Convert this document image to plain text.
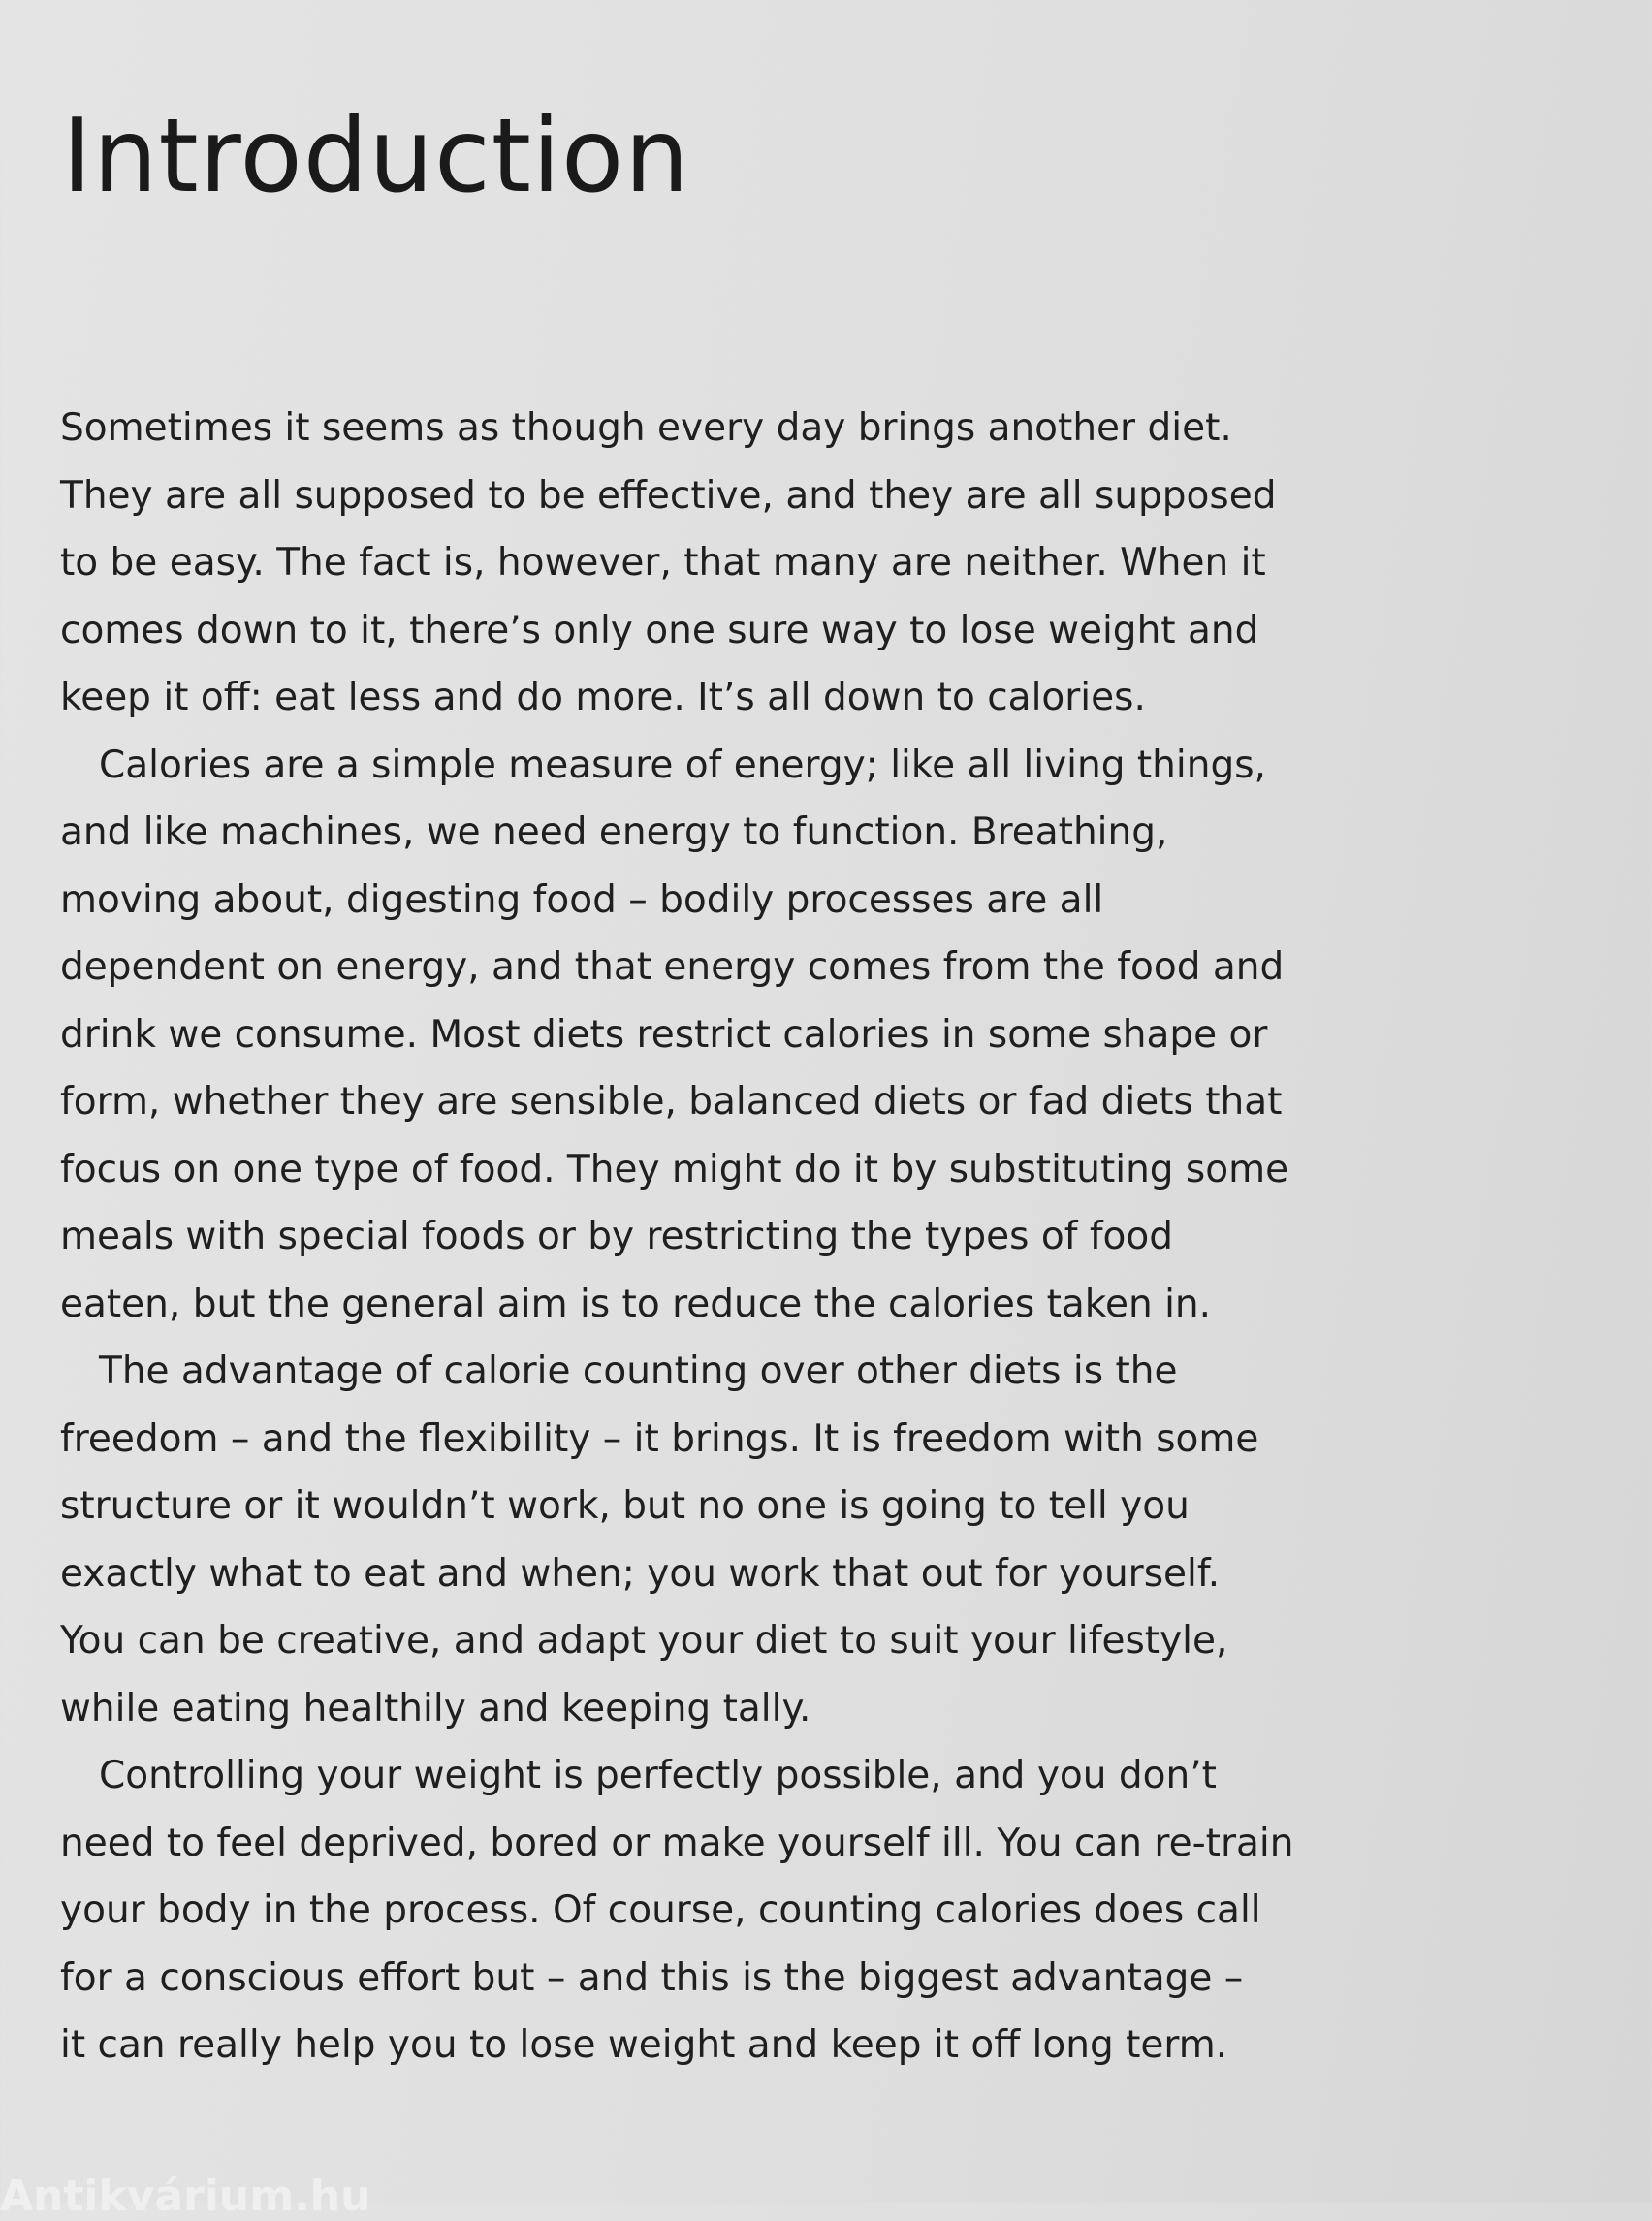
Introduction
Sometimes it seems as though every day brings another diet.
They are all supposed to be effective, and they are all supposed
to be easy. The fact is, however, that many are neither. When it
comes down to it, there’s only one sure way to lose weight and
keep it off: eat less and do more. It’s all down to calories.
Calories are a simple measure of energy; like all living things,
and like machines, we need energy to function. Breathing,
moving about, digesting food – bodily processes are all
dependent on energy, and that energy comes from the food and
drink we consume. Most diets restrict calories in some shape or
form, whether they are sensible, balanced diets or fad diets that
focus on one type of food. They might do it by substituting some
meals with special foods or by restricting the types of food
eaten, but the general aim is to reduce the calories taken in.
The advantage of calorie counting over other diets is the
freedom – and the flexibility – it brings. It is freedom with some
structure or it wouldn’t work, but no one is going to tell you
exactly what to eat and when; you work that out for yourself.
You can be creative, and adapt your diet to suit your lifestyle,
while eating healthily and keeping tally.
Controlling your weight is perfectly possible, and you don’t
need to feel deprived, bored or make yourself ill. You can re-train
your body in the process. Of course, counting calories does call
for a conscious effort but – and this is the biggest advantage –
it can really help you to lose weight and keep it off long term.
Antikvárium.hu
